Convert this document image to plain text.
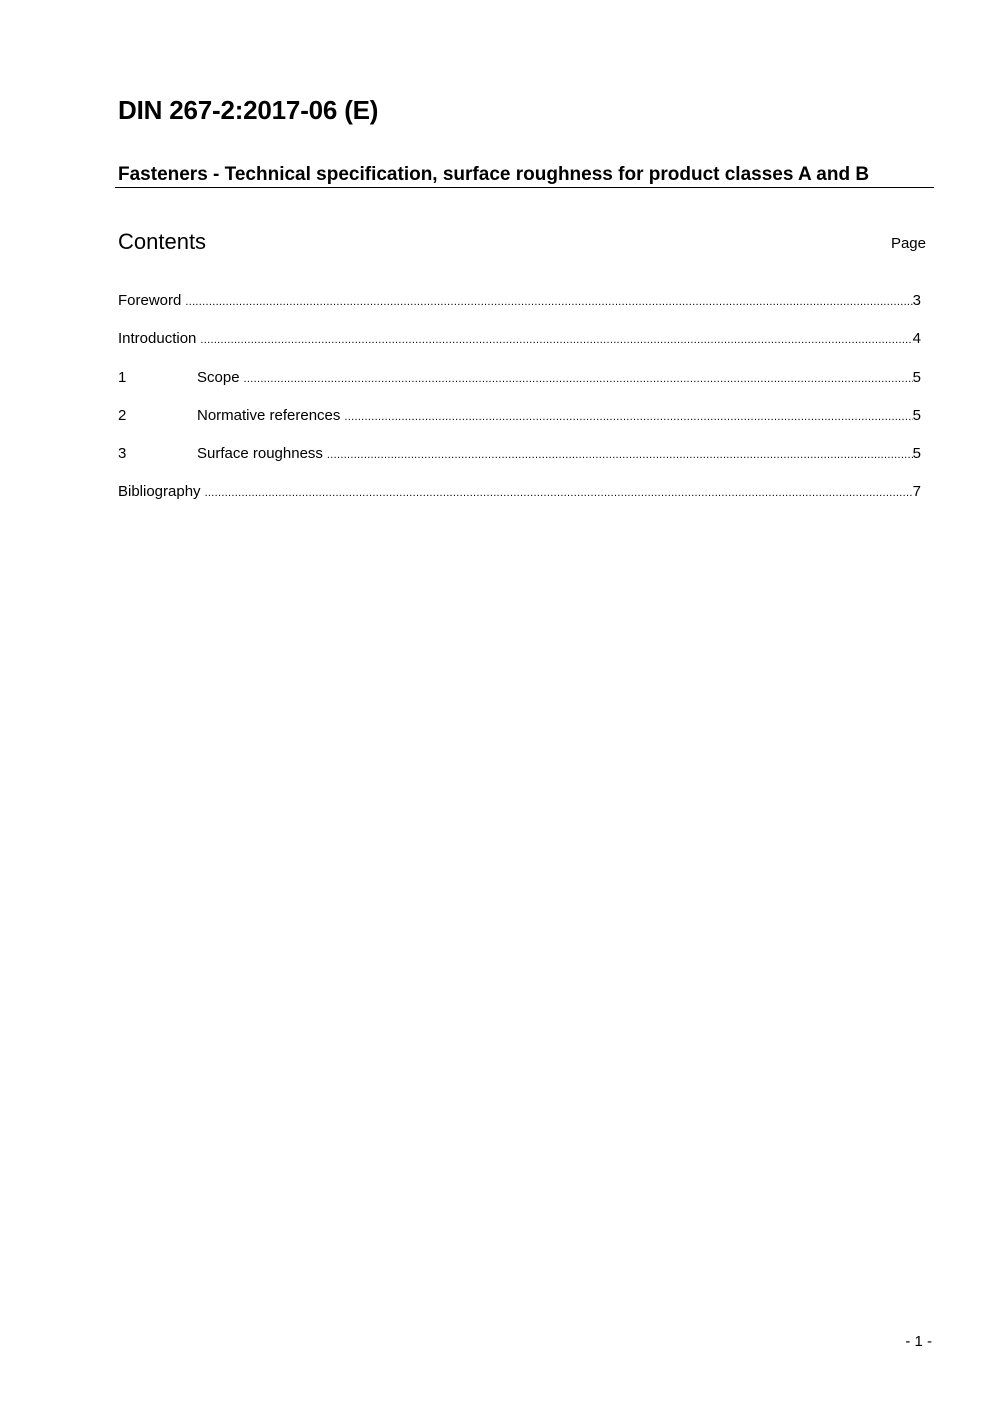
DIN 267-2:2017-06 (E)
Fasteners - Technical specification, surface roughness for product classes A and B
Contents	Page
Foreword .....	3
Introduction .....	4
1	Scope .....	5
2	Normative references .....	5
3	Surface roughness .....	5
Bibliography .....	7
- 1 -
